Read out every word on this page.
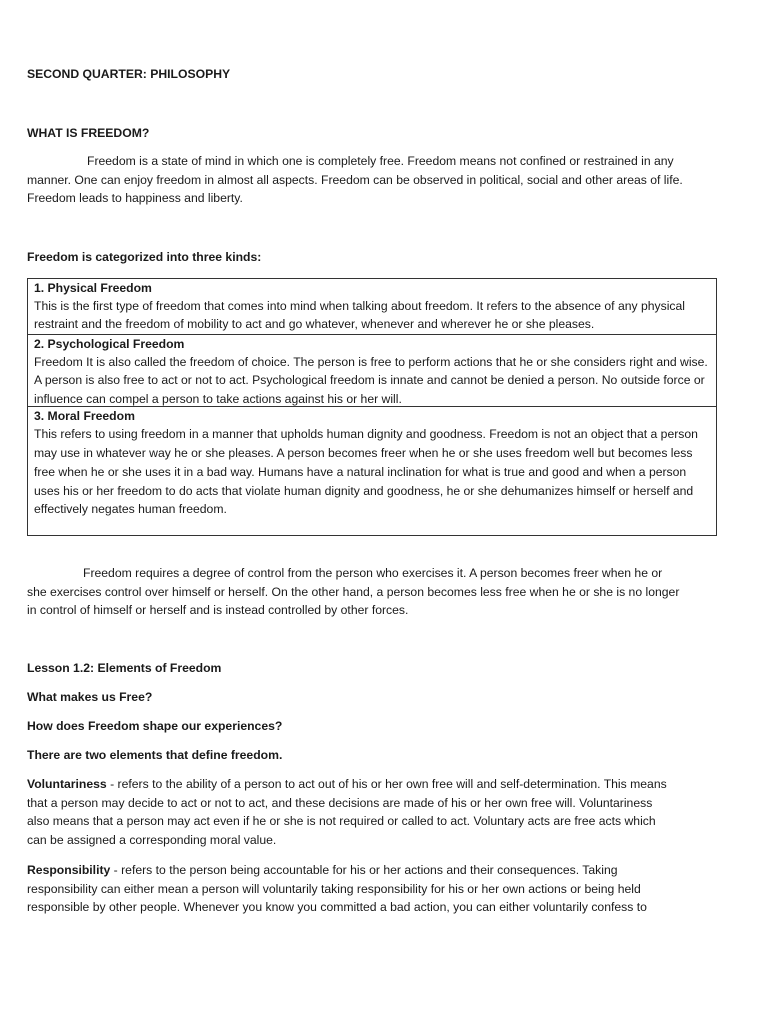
SECOND QUARTER: PHILOSOPHY

WHAT IS FREEDOM?

Freedom is a state of mind in which one is completely free. Freedom means not confined or restrained in any manner. One can enjoy freedom in almost all aspects. Freedom can be observed in political, social and other areas of life. Freedom leads to happiness and liberty.

Freedom is categorized into three kinds:

1. Physical Freedom
This is the first type of freedom that comes into mind when talking about freedom. It refers to the absence of any physical restraint and the freedom of mobility to act and go whatever, whenever and wherever he or she pleases.
2. Psychological Freedom
Freedom It is also called the freedom of choice. The person is free to perform actions that he or she considers right and wise. A person is also free to act or not to act. Psychological freedom is innate and cannot be denied a person. No outside force or influence can compel a person to take actions against his or her will.
3. Moral Freedom
This refers to using freedom in a manner that upholds human dignity and goodness. Freedom is not an object that a person may use in whatever way he or she pleases. A person becomes freer when he or she uses freedom well but becomes less free when he or she uses it in a bad way. Humans have a natural inclination for what is true and good and when a person uses his or her freedom to do acts that violate human dignity and goodness, he or she dehumanizes himself or herself and effectively negates human freedom.

Freedom requires a degree of control from the person who exercises it. A person becomes freer when he or she exercises control over himself or herself. On the other hand, a person becomes less free when he or she is no longer in control of himself or herself and is instead controlled by other forces.

Lesson 1.2: Elements of Freedom

What makes us Free?

How does Freedom shape our experiences?

There are two elements that define freedom.

Voluntariness - refers to the ability of a person to act out of his or her own free will and self-determination. This means that a person may decide to act or not to act, and these decisions are made of his or her own free will. Voluntariness also means that a person may act even if he or she is not required or called to act. Voluntary acts are free acts which can be assigned a corresponding moral value.

Responsibility - refers to the person being accountable for his or her actions and their consequences. Taking responsibility can either mean a person will voluntarily taking responsibility for his or her own actions or being held responsible by other people. Whenever you know you committed a bad action, you can either voluntarily confess to
